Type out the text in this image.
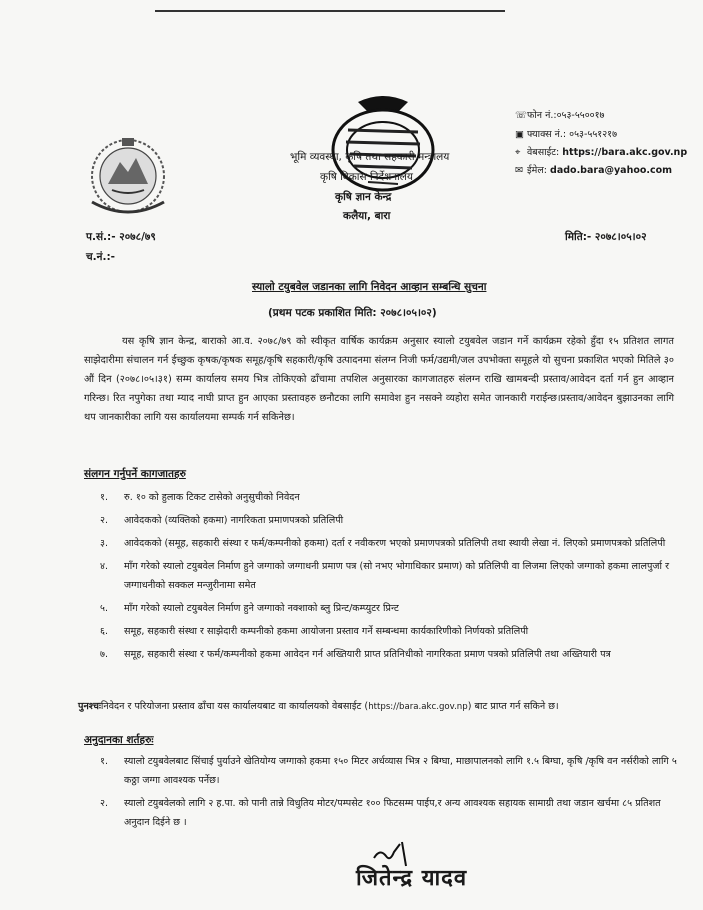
भूमि व्यवस्था, कृषि तथा सहकारी मन्त्रालय
कृषि विकास निर्देशनालय
कृषि ज्ञान केन्द्र
कलैया, बारा
☏फोन नं.:०५३-५५००१७
▣ फ्याक्स नं.: ०५३-५५१२१७
⌖ वेबसाईट: https://bara.akc.gov.np
✉ ईमेल: dado.bara@yahoo.com
प.सं.:- २०७८/७९
च.नं.:-
मिति:- २०७८।०५।०२
स्यालो टयुबवेल जडानका लागि निवेदन आव्हान सम्बन्धि सुचना
(प्रथम पटक प्रकाशित मिति: २०७८।०५।०२)
यस कृषि ज्ञान केन्द्र, बाराको आ.व. २०७८/७९ को स्वीकृत वार्षिक कार्यक्रम अनुसार स्यालो टयुबवेल जडान गर्ने कार्यक्रम रहेको हुँदा १५ प्रतिशत लागत साझेदारीमा संचालन गर्न ईच्छुक कृषक/कृषक समूह/कृषि सहकारी/कृषि उत्पादनमा संलग्न निजी फर्म/उद्यमी/जल उपभोक्ता समूहले यो सुचना प्रकाशित भएको मितिले ३० औं दिन (२०७८।०५।३१) सम्म कार्यालय समय भित्र तोकिएको ढाँचामा तपशिल अनुसारका कागजातहरु संलग्न राखि खामबन्दी प्रस्ताव/आवेदन दर्ता गर्न हुन आव्हान गरिन्छ। रित नपुगेका तथा म्याद नाघी प्राप्त हुन आएका प्रस्तावहरु छनौटका लागि समावेश हुन नसक्ने व्यहोरा समेत जानकारी गराईन्छ।प्रस्ताव/आवेदन बुझाउनका लागि थप जानकारीका लागि यस कार्यालयमा सम्पर्क गर्न सकिनेछ।
संलगन गर्नुपर्ने कागजातहरु
१. रु. १० को हुलाक टिकट टासेको अनुसुचीको निवेदन
२. आवेदकको (व्यक्तिको हकमा) नागरिकता प्रमाणपत्रको प्रतिलिपी
३. आवेदकको (समूह, सहकारी संस्था र फर्म/कम्पनीको हकमा) दर्ता र नवीकरण भएको प्रमाणपत्रको प्रतिलिपी तथा स्थायी लेखा नं. लिएको प्रमाणपत्रको प्रतिलिपी
४. माँग गरेको स्यालो टयुबवेल निर्माण हुने जग्गाको जग्गाधनी प्रमाण पत्र (सो नभए भोगाधिकार प्रमाण) को प्रतिलिपी वा लिजमा लिएको जग्गाको हकमा लालपुर्जा र जग्गाधनीको सक्कल मन्जुरीनामा समेत
५. माँग गरेको स्यालो टयुबवेल निर्माण हुने जग्गाको नक्शाको ब्लु प्रिन्ट/कम्प्युटर प्रिन्ट
६. समूह, सहकारी संस्था र साझेदारी कम्पनीको हकमा आयोजना प्रस्ताव गर्ने सम्बन्धमा कार्यकारिणीको निर्णयको प्रतिलिपी
७. समूह, सहकारी संस्था र फर्म/कम्पनीको हकमा आवेदन गर्न अख्तियारी प्राप्त प्रतिनिधीको नागरिकता प्रमाण पत्रको प्रतिलिपी तथा अख्तियारी पत्र
पुनश्चःनिवेदन र परियोजना प्रस्ताव ढाँचा यस कार्यालयबाट वा कार्यालयको वेबसाईट (https://bara.akc.gov.np) बाट प्राप्त गर्न सकिने छ।
अनुदानका शर्तहरुः
१. स्यालो टयुबवेलबाट सिंचाई पुर्याउने खेतियोग्य जग्गाको हकमा १५० मिटर अर्धव्यास भित्र २ बिग्घा, माछापालनको लागि १.५ बिग्घा, कृषि /कृषि वन नर्सरीको लागि ५ कठ्ठा जग्गा आवश्यक पर्नेछ।
२. स्यालो टयुबवेलको लागि २ ह.पा. को पानी तान्ने विधुतिय मोटर/पम्पसेट १०० फिटसम्म पाईप,र अन्य आवश्यक सहायक सामाग्री तथा जडान खर्चमा ८५ प्रतिशत अनुदान दिईने छ ।
जितेन्द्र यादव
